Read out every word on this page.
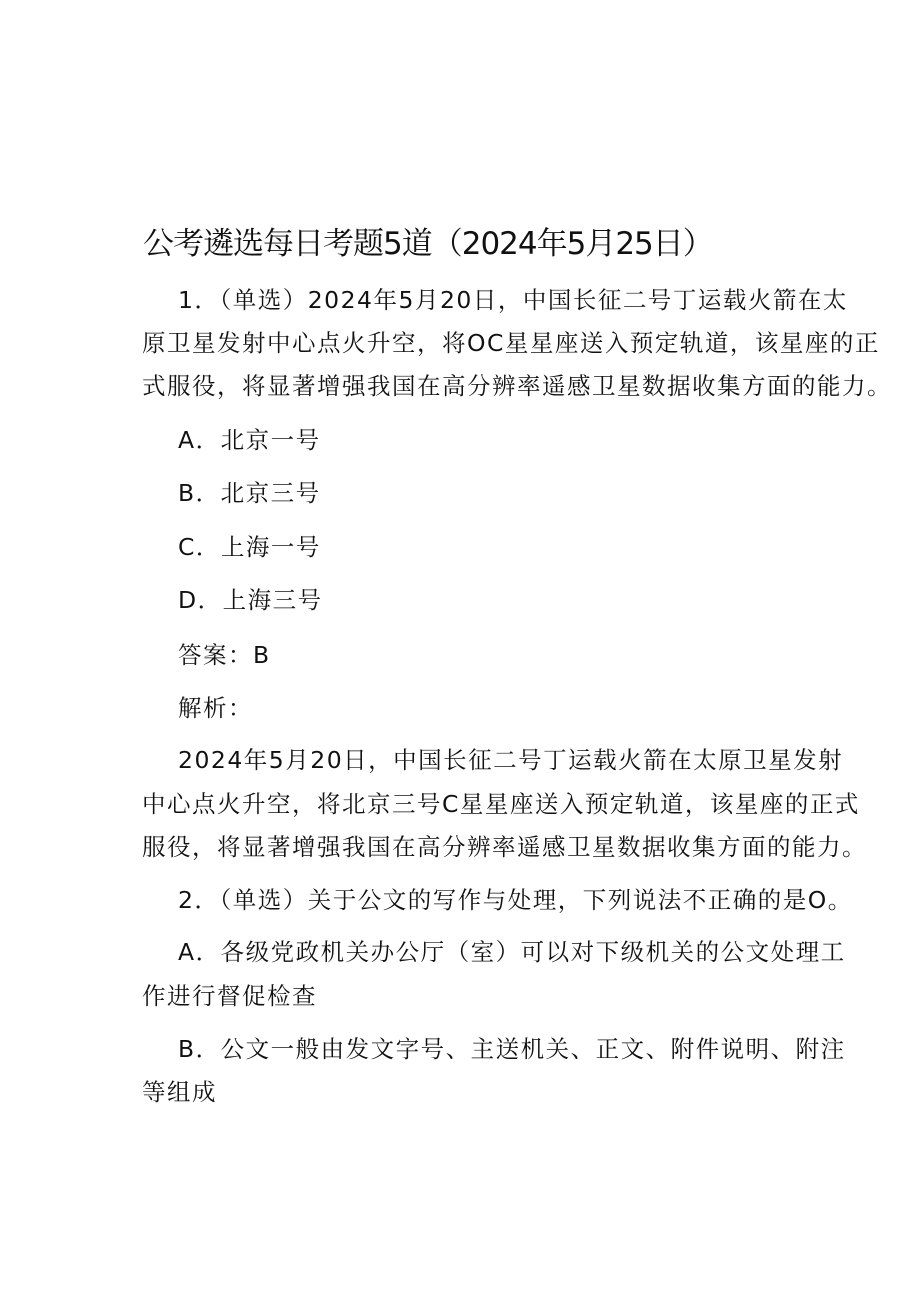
公考遴选每日考题5道（2024年5月25日）

1．（单选）2024年5月20日，中国长征二号丁运载火箭在太

原卫星发射中心点火升空，将OC星星座送入预定轨道，该星座的正

式服役，将显著增强我国在高分辨率遥感卫星数据收集方面的能力。

A．北京一号

B．北京三号

C．上海一号

D．上海三号

答案：B

解析：

2024年5月20日，中国长征二号丁运载火箭在太原卫星发射

中心点火升空，将北京三号C星星座送入预定轨道，该星座的正式

服役，将显著增强我国在高分辨率遥感卫星数据收集方面的能力。

2．（单选）关于公文的写作与处理，下列说法不正确的是O。

A．各级党政机关办公厅（室）可以对下级机关的公文处理工

作进行督促检查

B．公文一般由发文字号、主送机关、正文、附件说明、附注

等组成
